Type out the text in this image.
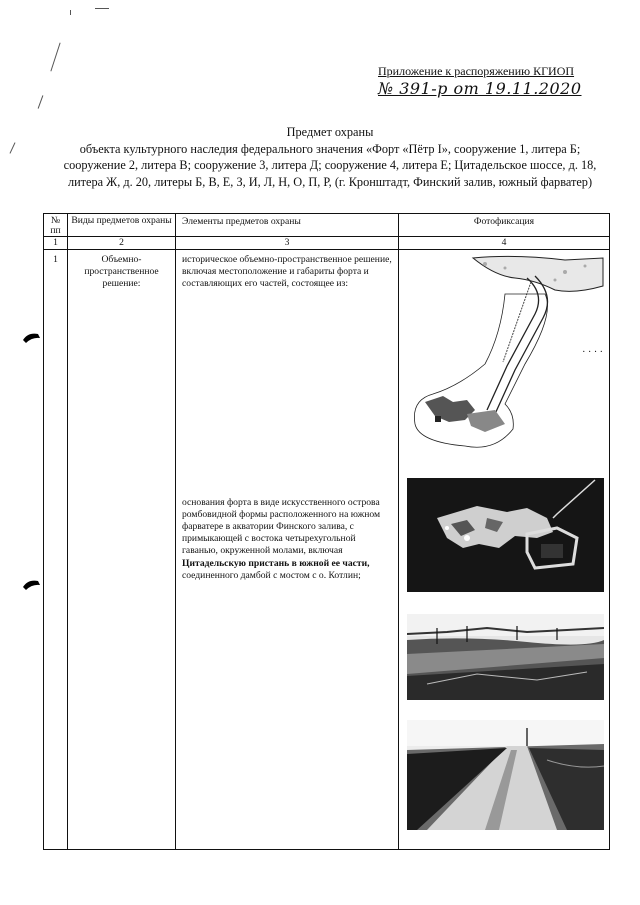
Приложение к распоряжению КГИОП
№ 391-р от 19.11.2020
Предмет охраны
объекта культурного наследия федерального значения «Форт «Пётр I», сооружение 1, литера Б; сооружение 2, литера В; сооружение 3, литера Д; сооружение 4, литера Е; Цитадельское шоссе, д. 18, литера Ж, д. 20, литеры Б, В, Е, З, И, Л, Н, О, П, Р, (г. Кронштадт, Финский залив, южный фарватер)
№
пп	Виды предметов охраны	Элементы предметов охраны	Фотофиксация
1	2	3	4
1	Объемно-пространственное решение:	историческое объемно-пространственное решение, включая местоположение и габариты форта и составляющих его частей, состоящее из:

основания форта в виде искусственного острова ромбовидной формы расположенного на южном фарватере в акватории Финского залива, с примыкающей с востока четырехугольной гаванью, окруженной молами, включая Цитадельскую пристань в южной ее части, соединенного дамбой с мостом с о. Котлин;	· · · ·
